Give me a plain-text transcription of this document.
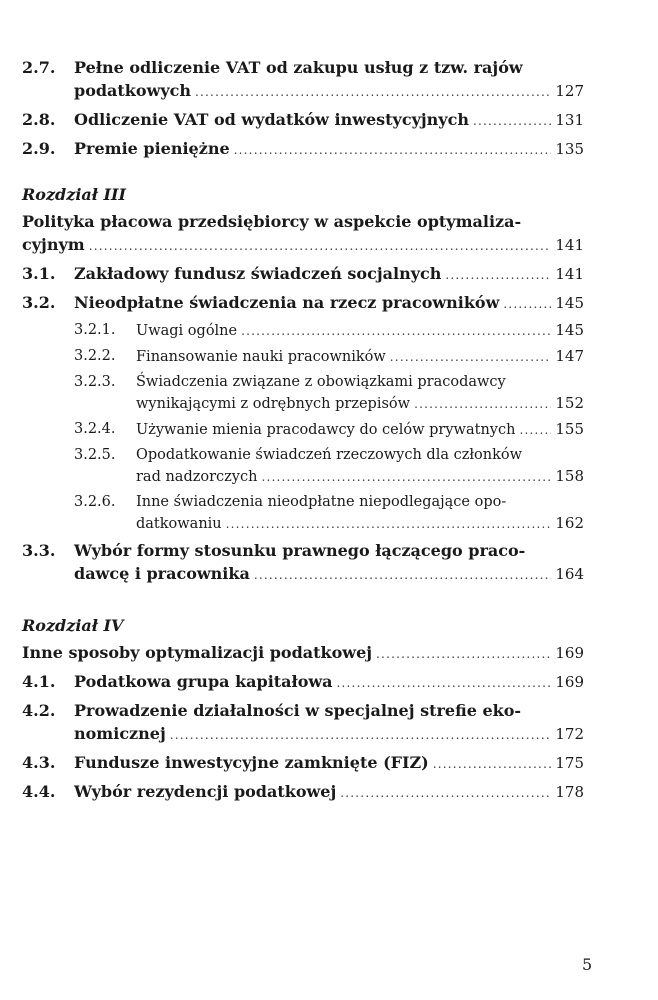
2.7.	Pełne odliczenie VAT od zakupu usług z tzw. rajów
podatkowych .....	127
2.8.	Odliczenie VAT od wydatków inwestycyjnych .....	131
2.9.	Premie pieniężne .....	135
Rozdział III
Polityka płacowa przedsiębiorcy w aspekcie optymaliza-
cyjnym .....	141
3.1.	Zakładowy fundusz świadczeń socjalnych .....	141
3.2.	Nieodpłatne świadczenia na rzecz pracowników .....	145
3.2.1.	Uwagi ogólne .....	145
3.2.2.	Finansowanie nauki pracowników .....	147
3.2.3.	Świadczenia związane z obowiązkami pracodawcy
wynikającymi z odrębnych przepisów .....	152
3.2.4.	Używanie mienia pracodawcy do celów prywatnych .....	155
3.2.5.	Opodatkowanie świadczeń rzeczowych dla członków
rad nadzorczych .....	158
3.2.6.	Inne świadczenia nieodpłatne niepodlegające opo-
datkowaniu .....	162
3.3.	Wybór formy stosunku prawnego łączącego praco-
dawcę i pracownika .....	164
Rozdział IV
Inne sposoby optymalizacji podatkowej .....	169
4.1.	Podatkowa grupa kapitałowa .....	169
4.2.	Prowadzenie działalności w specjalnej strefie eko-
nomicznej .....	172
4.3.	Fundusze inwestycyjne zamknięte (FIZ) .....	175
4.4.	Wybór rezydencji podatkowej .....	178
5
